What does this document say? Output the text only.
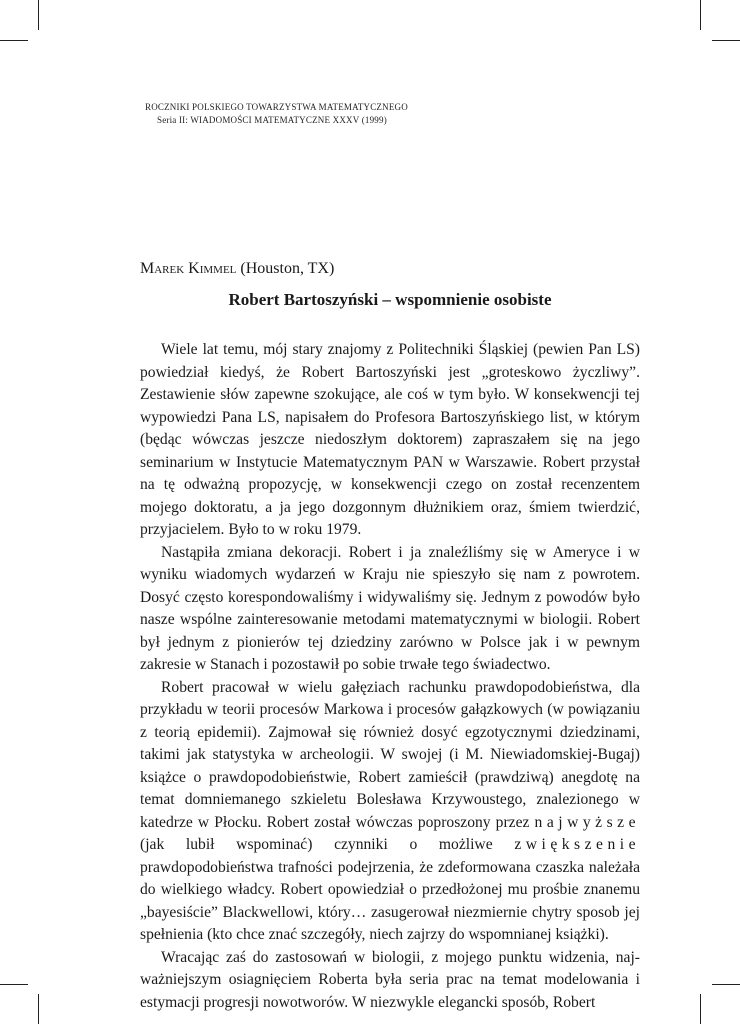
ROCZNIKI POLSKIEGO TOWARZYSTWA MATEMATYCZNEGO
Seria II: WIADOMOŚCI MATEMATYCZNE XXXV (1999)
Marek Kimmel (Houston, TX)
Robert Bartoszyński – wspomnienie osobiste

Wiele lat temu, mój stary znajomy z Politechniki Śląskiej (pewien Pan LS) powiedział kiedyś, że Robert Bartoszyński jest „groteskowo życzliwy”. Zestawienie słów zapewne szokujące, ale coś w tym było. W konsekwencji tej wypowiedzi Pana LS, napisałem do Profesora Bartoszyńskiego list, w którym (będąc wówczas jeszcze niedoszłym doktorem) zapraszałem się na jego seminarium w Instytucie Matematycznym PAN w Warszawie. Robert przystał na tę odważną propozycję, w konsekwencji czego on został recenzentem mojego doktoratu, a ja jego dozgonnym dłużnikiem oraz, śmiem twierdzić, przyjacielem. Było to w roku 1979.

Nastąpiła zmiana dekoracji. Robert i ja znaleźliśmy się w Ameryce i w wyniku wiadomych wydarzeń w Kraju nie spieszyło się nam z powrotem. Dosyć często korespondowaliśmy i widywaliśmy się. Jednym z powodów było nasze wspólne zainteresowanie metodami matematycznymi w biologii. Robert był jednym z pionierów tej dziedziny zarówno w Polsce jak i w pewnym zakresie w Stanach i pozostawił po sobie trwałe tego świadectwo.

Robert pracował w wielu gałęziach rachunku prawdopodobieństwa, dla przykładu w teorii procesów Markowa i procesów gałązkowych (w powiązaniu z teorią epidemii). Zajmował się również dosyć egzotycznymi dziedzinami, takimi jak statystyka w archeologii. W swojej (i M. Niewiadomskiej-Bugaj) książce o prawdopodobieństwie, Robert zamieścił (prawdziwą) anegdotę na temat domniemanego szkieletu Bolesława Krzywoustego, znalezionego w katedrze w Płocku. Robert został wówczas poproszony przez najwyższe (jak lubił wspominać) czynniki o możliwe zwiększenie prawdopodobieństwa trafności podejrzenia, że zdeformowana czaszka należała do wielkiego władcy. Robert opowiedział o przedłożonej mu prośbie znanemu „bayesiście” Blackwellowi, który… zasugerował niezmiernie chytry sposob jej spełnienia (kto chce znać szczegóły, niech zajrzy do wspomnianej książki).

Wracając zaś do zastosowań w biologii, z mojego punktu widzenia, najważniejszym osiagnięciem Roberta była seria prac na temat modelowania i estymacji progresji nowotworów. W niezwykle elegancki sposób, Robert
